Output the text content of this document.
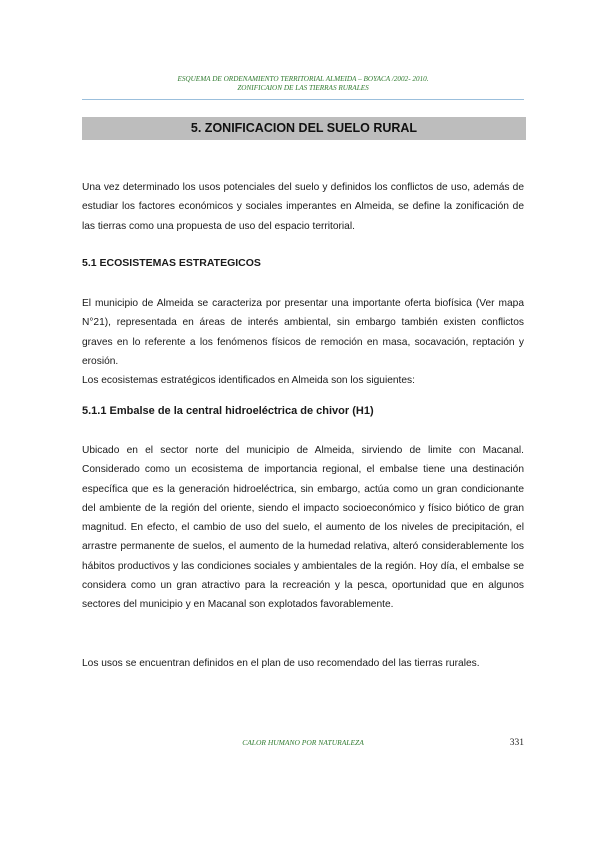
ESQUEMA DE ORDENAMIENTO TERRITORIAL ALMEIDA – BOYACA /2002- 2010.
ZONIFICAION DE LAS TIERRAS RURALES
5. ZONIFICACION DEL SUELO RURAL

Una vez determinado los usos potenciales del suelo y definidos los conflictos de uso, además de estudiar los factores económicos y sociales imperantes en Almeida, se define la zonificación de las tierras como una propuesta de uso del espacio territorial.

5.1 ECOSISTEMAS ESTRATEGICOS

El municipio de Almeida se caracteriza por presentar una importante oferta biofísica (Ver mapa N°21), representada en áreas de interés ambiental, sin embargo también existen conflictos graves en lo referente a los fenómenos físicos de remoción en masa, socavación, reptación y erosión.

Los ecosistemas estratégicos identificados en Almeida son los siguientes:

5.1.1 Embalse de la central hidroeléctrica de chivor (H1)

Ubicado en el sector norte del municipio de Almeida, sirviendo de limite con Macanal. Considerado como un ecosistema de importancia regional, el embalse tiene una destinación específica que es la generación hidroeléctrica, sin embargo, actúa como un gran condicionante del ambiente de la región del oriente, siendo el impacto socioeconómico y físico biótico de gran magnitud. En efecto, el cambio de uso del suelo, el aumento de los niveles de precipitación, el arrastre permanente de suelos, el aumento de la humedad relativa, alteró considerablemente los hábitos productivos y las condiciones sociales y ambientales de la región. Hoy día, el embalse se considera como un gran atractivo para la recreación y la pesca, oportunidad que en algunos sectores del municipio y en Macanal son explotados favorablemente.

Los usos se encuentran definidos en el plan de uso recomendado del las tierras rurales.

CALOR HUMANO POR NATURALEZA	331
